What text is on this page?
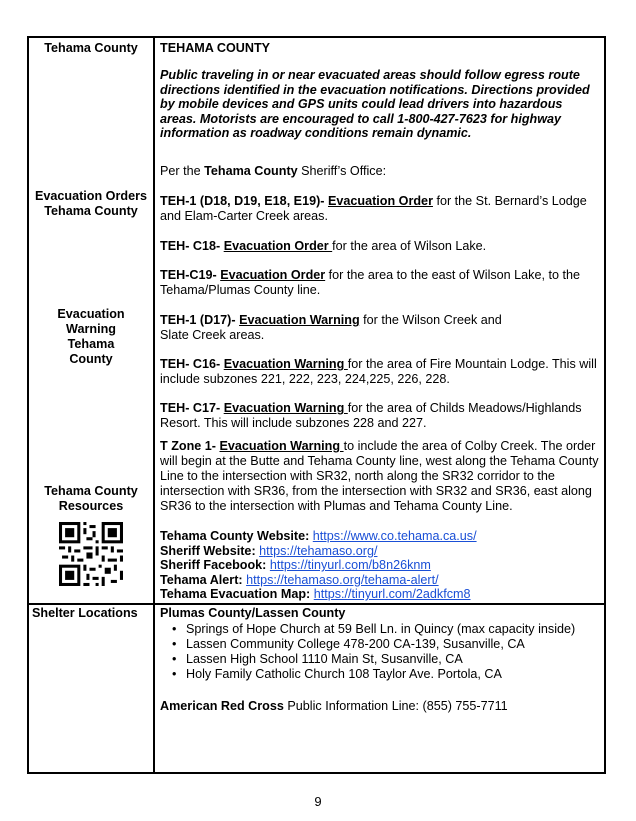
Tehama County
Evacuation Orders Tehama County
Evacuation Warning Tehama County
Tehama County Resources
Shelter Locations
TEHAMA COUNTY
Public traveling in or near evacuated areas should follow egress route directions identified in the evacuation notifications. Directions provided by mobile devices and GPS units could lead drivers into hazardous areas. Motorists are encouraged to call 1-800-427-7623 for highway information as roadway conditions remain dynamic.
Per the Tehama County Sheriff’s Office:
TEH-1 (D18, D19, E18, E19)- Evacuation Order for the St. Bernard’s Lodge and Elam-Carter Creek areas.
TEH- C18- Evacuation Order for the area of Wilson Lake.
TEH-C19- Evacuation Order for the area to the east of Wilson Lake, to the Tehama/Plumas County line.
TEH-1 (D17)- Evacuation Warning for the Wilson Creek and
Slate Creek areas.
TEH- C16- Evacuation Warning for the area of Fire Mountain Lodge. This will include subzones 221, 222, 223, 224,225, 226, 228.
TEH- C17- Evacuation Warning for the area of Childs Meadows/Highlands Resort. This will include subzones 228 and 227.
T Zone 1- Evacuation Warning to include the area of Colby Creek. The order will begin at the Butte and Tehama County line, west along the Tehama County Line to the intersection with SR32, north along the SR32 corridor to the intersection with SR36, from the intersection with SR32 and SR36, east along SR36 to the intersection with Plumas and Tehama County Line.
Tehama County Website: https://www.co.tehama.ca.us/
Sheriff Website: https://tehamaso.org/
Sheriff Facebook: https://tinyurl.com/b8n26knm
Tehama Alert: https://tehamaso.org/tehama-alert/
Tehama Evacuation Map: https://tinyurl.com/2adkfcm8
Plumas County/Lassen County
• Springs of Hope Church at 59 Bell Ln. in Quincy (max capacity inside)
• Lassen Community College 478-200 CA-139, Susanville, CA
• Lassen High School 1110 Main St, Susanville, CA
• Holy Family Catholic Church 108 Taylor Ave. Portola, CA
American Red Cross Public Information Line: (855) 755-7711
9
